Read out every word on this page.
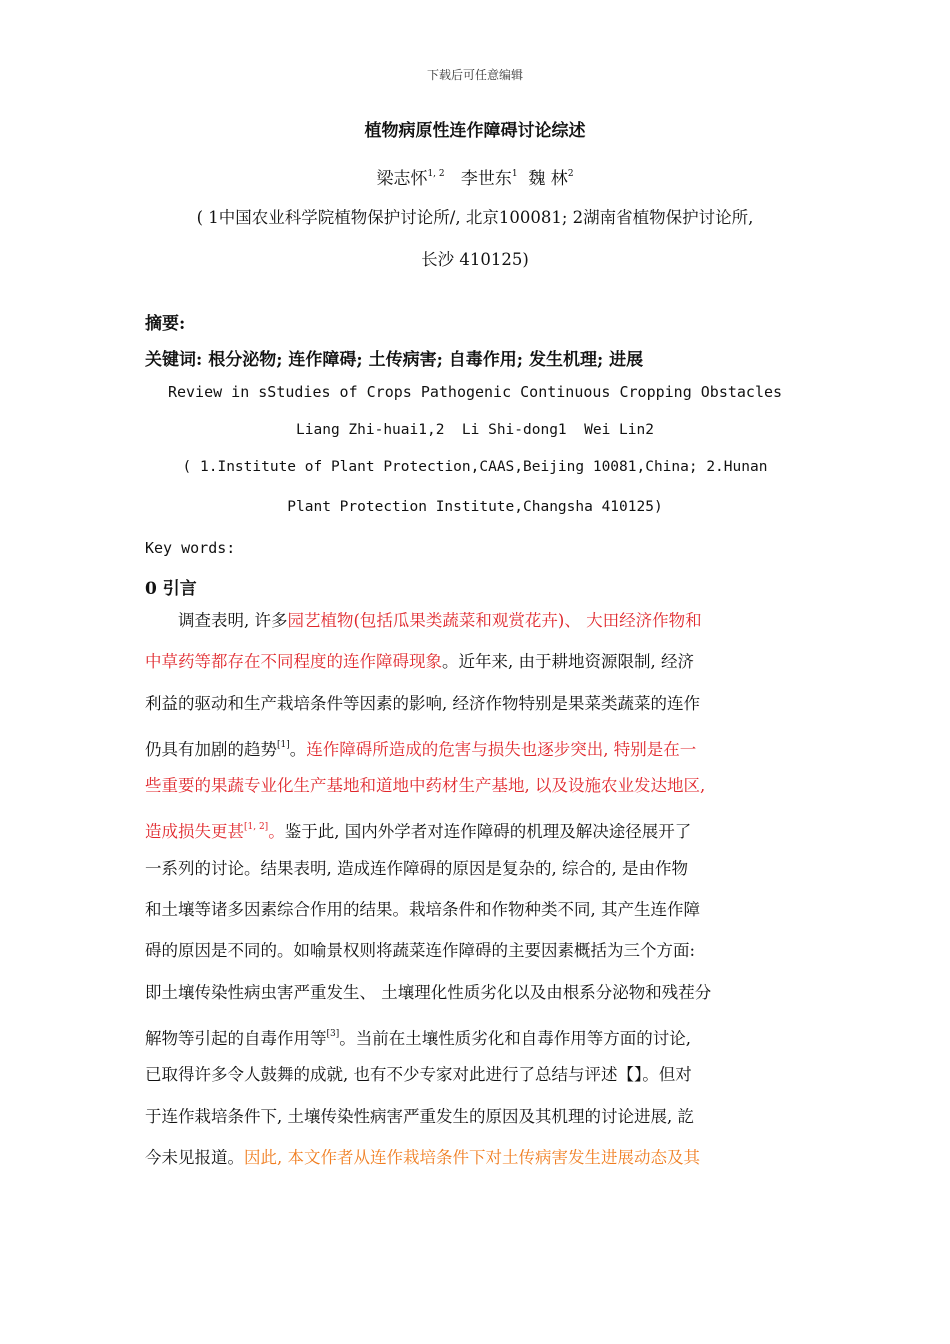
下载后可任意编辑
植物病原性连作障碍讨论综述
梁志怀$^{1, 2}$ 李世东$^1$ 魏 林$^2$
( 1中国农业科学院植物保护讨论所/, 北京100081; 2湖南省植物保护讨论所,
长沙 410125)
摘要:
关键词: 根分泌物; 连作障碍; 土传病害; 自毒作用; 发生机理; 进展
Review in sStudies of Crops Pathogenic Continuous Cropping Obstacles
Liang Zhi-huai1,2  Li Shi-dong1  Wei Lin2
( 1.Institute of Plant Protection,CAAS,Beijing 10081,China; 2.Hunan
Plant Protection Institute,Changsha 410125)
Key words:
0 引言
　　调查表明, 许多园艺植物(包括瓜果类蔬菜和观赏花卉)、 大田经济作物和
中草药等都存在不同程度的连作障碍现象。近年来, 由于耕地资源限制, 经济
利益的驱动和生产栽培条件等因素的影响, 经济作物特别是果菜类蔬菜的连作
仍具有加剧的趋势[1]。连作障碍所造成的危害与损失也逐步突出, 特别是在一
些重要的果蔬专业化生产基地和道地中药材生产基地, 以及设施农业发达地区,
造成损失更甚[1, 2]。鉴于此, 国内外学者对连作障碍的机理及解决途径展开了
一系列的讨论。结果表明, 造成连作障碍的原因是复杂的, 综合的, 是由作物
和土壤等诸多因素综合作用的结果。栽培条件和作物种类不同, 其产生连作障
碍的原因是不同的。如喻景权则将蔬菜连作障碍的主要因素概括为三个方面:
即土壤传染性病虫害严重发生、 土壤理化性质劣化以及由根系分泌物和残茬分
解物等引起的自毒作用等[3]。当前在土壤性质劣化和自毒作用等方面的讨论,
已取得许多令人鼓舞的成就, 也有不少专家对此进行了总结与评述【】。但对
于连作栽培条件下, 土壤传染性病害严重发生的原因及其机理的讨论进展, 訖
今未见报道。因此, 本文作者从连作栽培条件下对土传病害发生进展动态及其
